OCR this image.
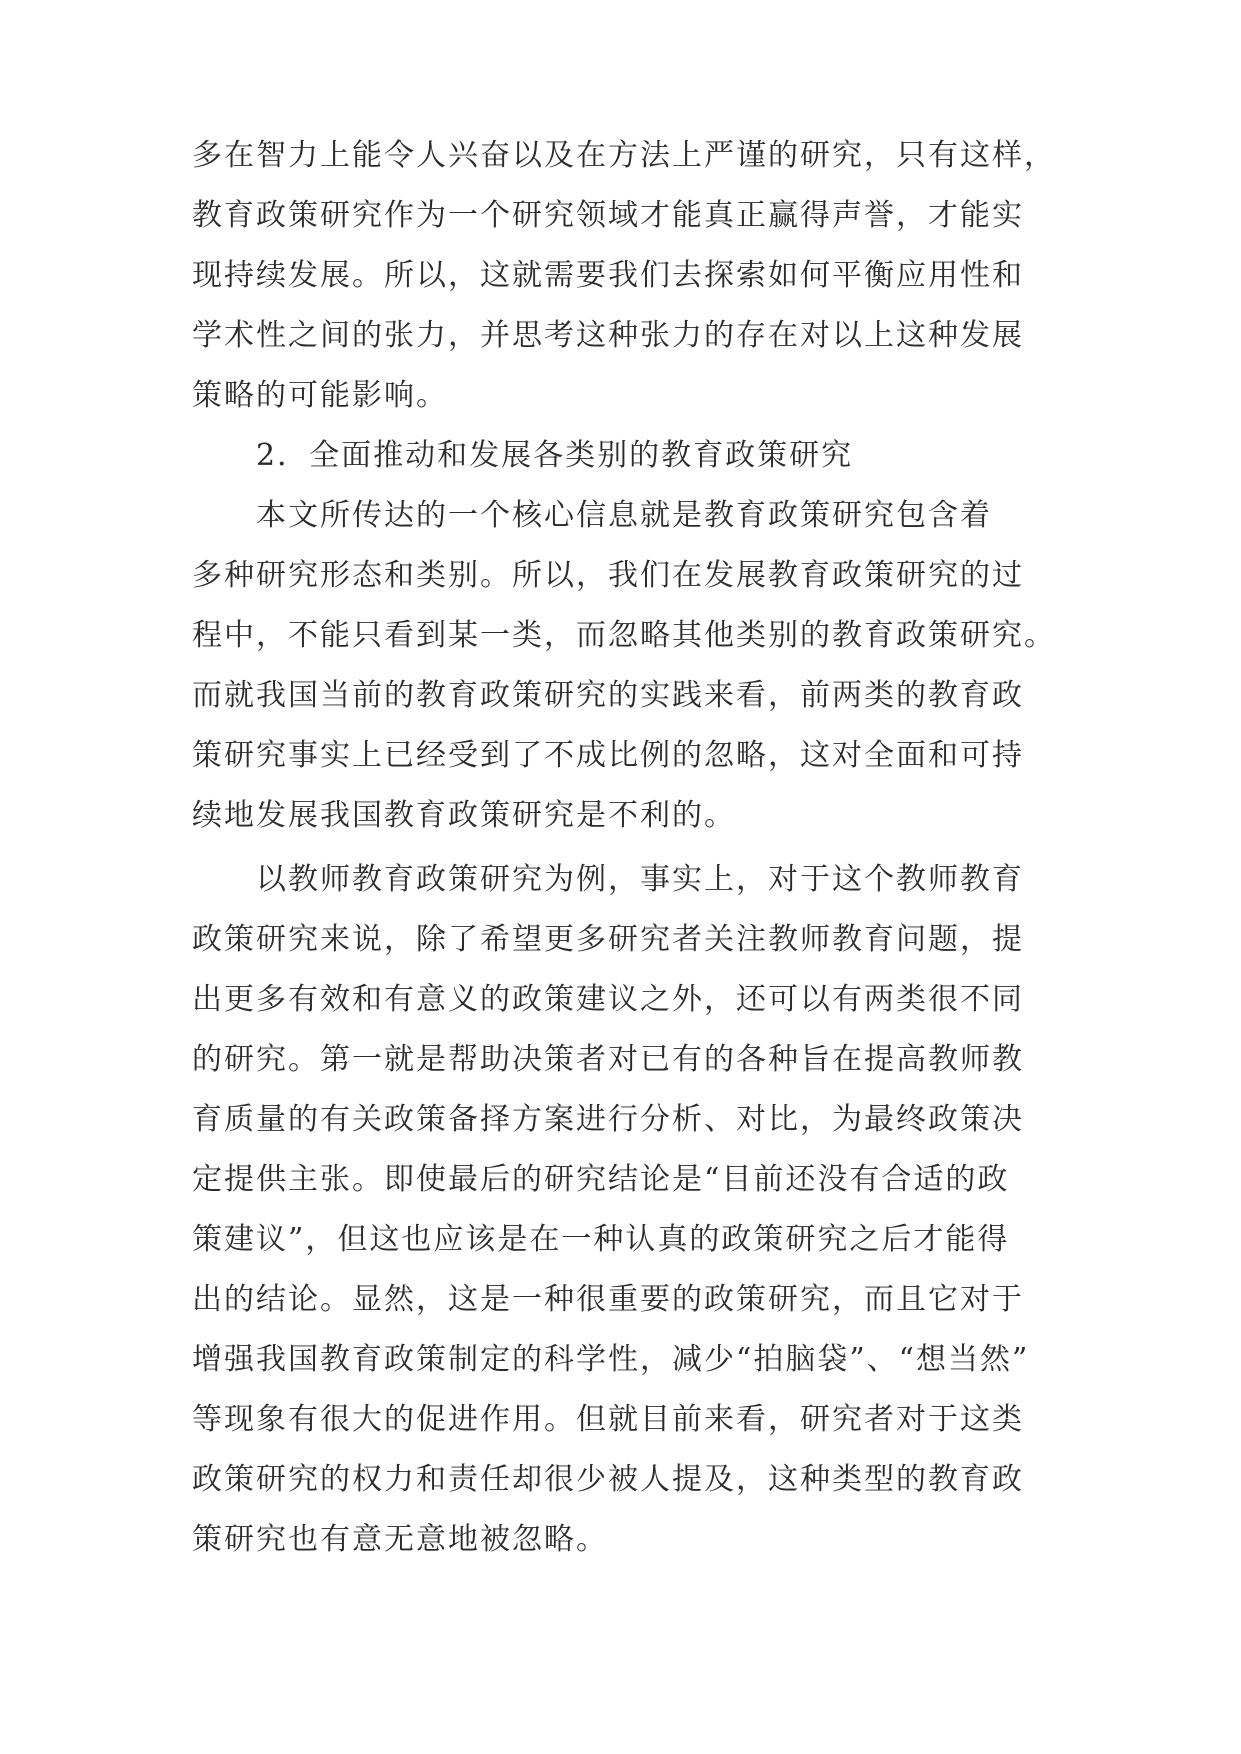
多在智力上能令人兴奋以及在方法上严谨的研究，只有这样，

教育政策研究作为一个研究领域才能真正赢得声誉，才能实

现持续发展。所以，这就需要我们去探索如何平衡应用性和

学术性之间的张力，并思考这种张力的存在对以上这种发展

策略的可能影响。

2．全面推动和发展各类别的教育政策研究

本文所传达的一个核心信息就是教育政策研究包含着

多种研究形态和类别。所以，我们在发展教育政策研究的过

程中，不能只看到某一类，而忽略其他类别的教育政策研究。

而就我国当前的教育政策研究的实践来看，前两类的教育政

策研究事实上已经受到了不成比例的忽略，这对全面和可持

续地发展我国教育政策研究是不利的。

以教师教育政策研究为例，事实上，对于这个教师教育

政策研究来说，除了希望更多研究者关注教师教育问题，提

出更多有效和有意义的政策建议之外，还可以有两类很不同

的研究。第一就是帮助决策者对已有的各种旨在提高教师教

育质量的有关政策备择方案进行分析、对比，为最终政策决

定提供主张。即使最后的研究结论是“目前还没有合适的政

策建议”，但这也应该是在一种认真的政策研究之后才能得

出的结论。显然，这是一种很重要的政策研究，而且它对于

增强我国教育政策制定的科学性，减少“拍脑袋”、“想当然”

等现象有很大的促进作用。但就目前来看，研究者对于这类

政策研究的权力和责任却很少被人提及，这种类型的教育政

策研究也有意无意地被忽略。
